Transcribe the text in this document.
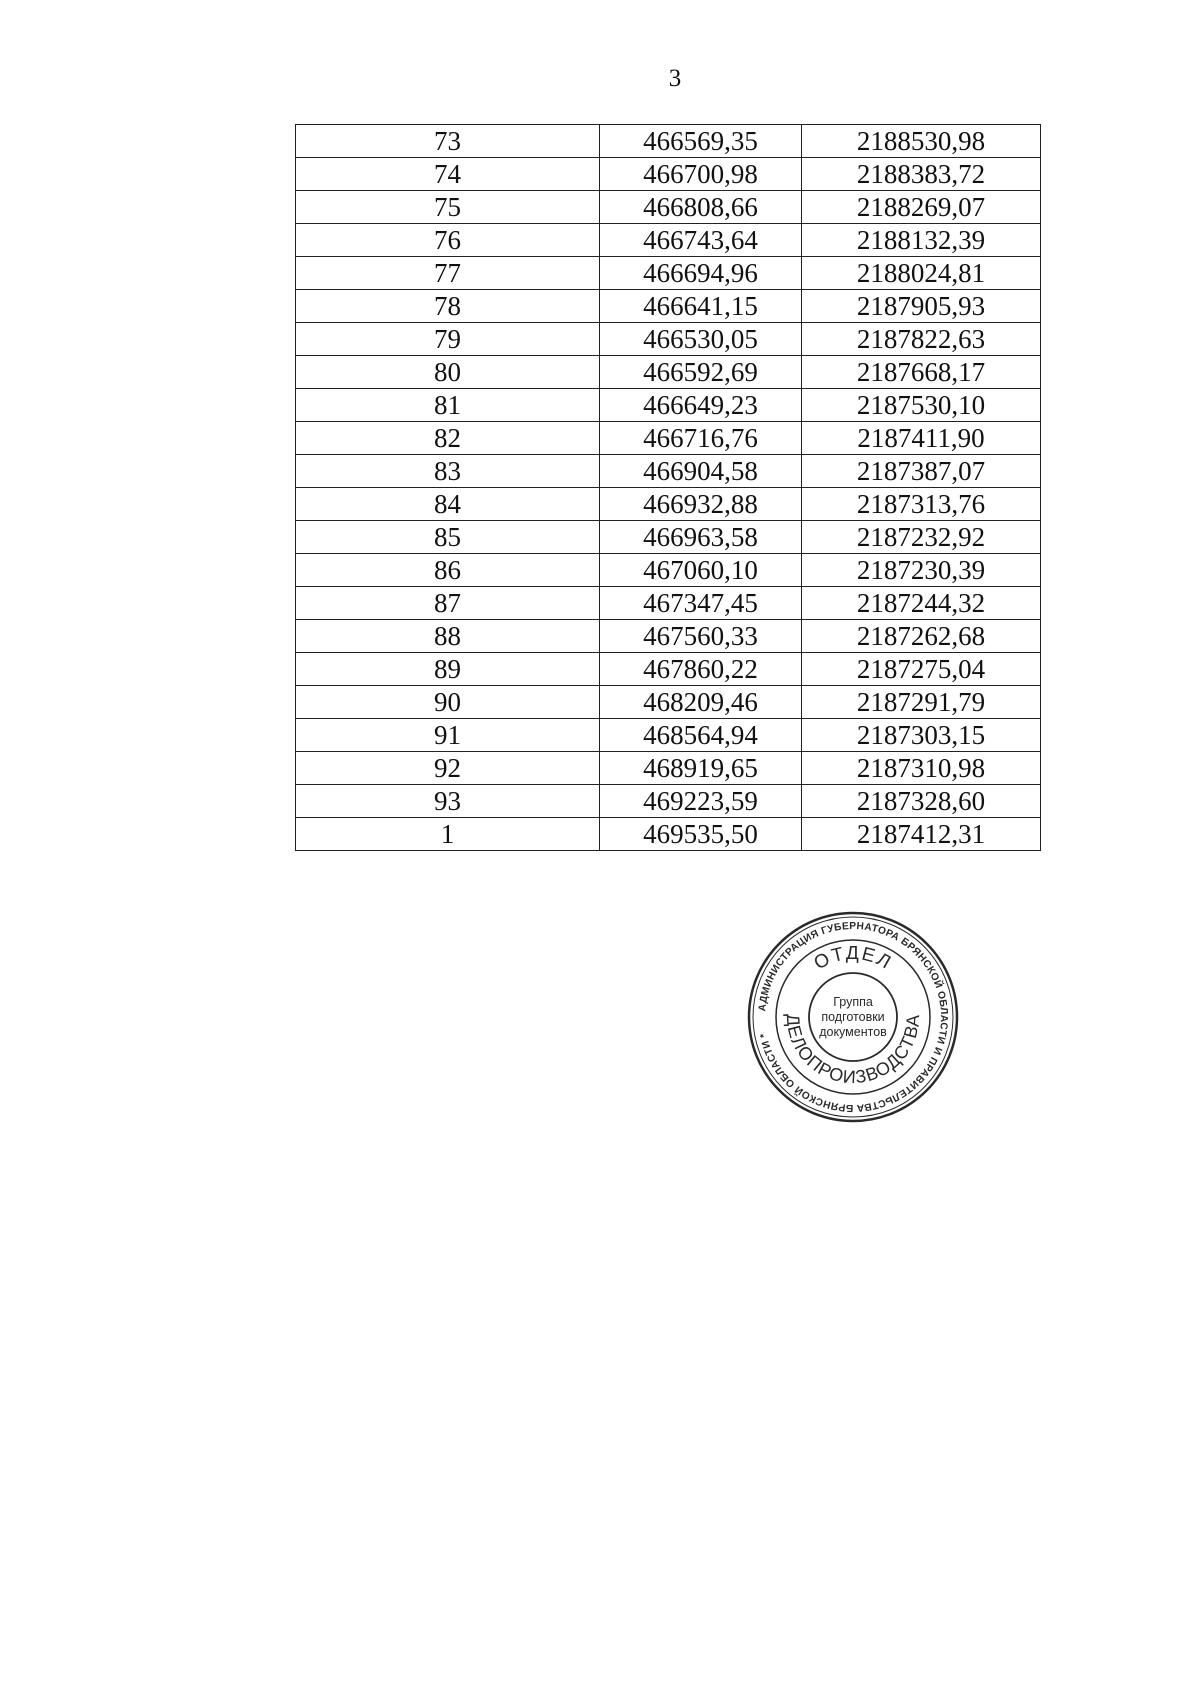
3
73	466569,35	2188530,98
74	466700,98	2188383,72
75	466808,66	2188269,07
76	466743,64	2188132,39
77	466694,96	2188024,81
78	466641,15	2187905,93
79	466530,05	2187822,63
80	466592,69	2187668,17
81	466649,23	2187530,10
82	466716,76	2187411,90
83	466904,58	2187387,07
84	466932,88	2187313,76
85	466963,58	2187232,92
86	467060,10	2187230,39
87	467347,45	2187244,32
88	467560,33	2187262,68
89	467860,22	2187275,04
90	468209,46	2187291,79
91	468564,94	2187303,15
92	468919,65	2187310,98
93	469223,59	2187328,60
1	469535,50	2187412,31
АДМИНИСТРАЦИЯ ГУБЕРНАТОРА БРЯНСКОЙ ОБЛАСТИ И ПРАВИТЕЛЬСТВА БРЯНСКОЙ ОБЛАСТИ *
ОТДЕЛ
ДЕЛОПРОИЗВОДСТВА
Группа подготовки документов
